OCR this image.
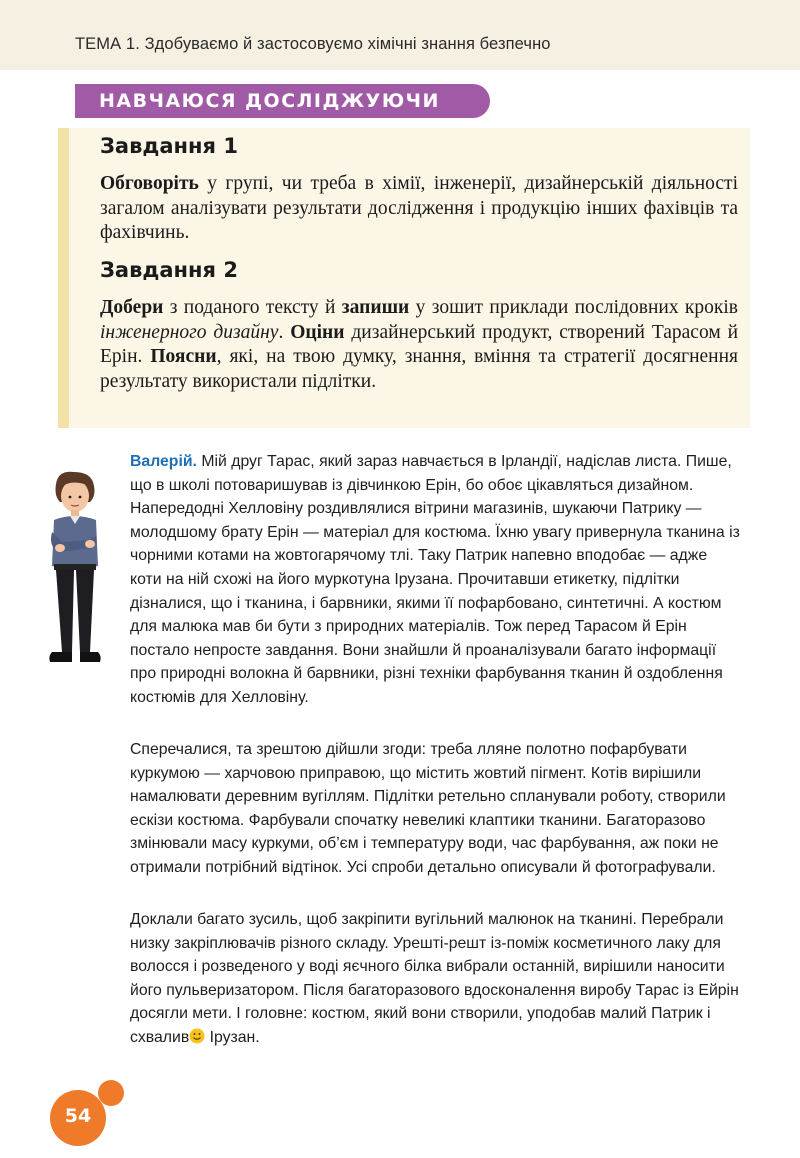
ТЕМА 1. Здобуваємо й застосовуємо хімічні знання безпечно
НАВЧАЮСЯ ДОСЛІДЖУЮЧИ
Завдання 1

Обговоріть у групі, чи треба в хімії, інженерії, дизайнерській діяльності загалом аналізувати результати дослідження і продукцію інших фахівців та фахівчинь.

Завдання 2

Добери з поданого тексту й запиши у зошит приклади послідовних кроків інженерного дизайну. Оціни дизайнерський продукт, створений Тарасом й Ерін. Поясни, які, на твою думку, знання, вміння та стратегії досягнення результату використали підлітки.

Валерій. Мій друг Тарас, який зараз навчається в Ірландії, надіслав листа. Пише, що в школі потоваришував із дівчинкою Ерін, бо обоє цікавляться дизайном. Напередодні Хелловіну роздивлялися вітрини магазинів, шукаючи Патрику — молодшому брату Ерін — матеріал для костюма. Їхню увагу привернула тканина із чорними котами на жовтогарячому тлі. Таку Патрик напевно вподобає — адже коти на ній схожі на його муркотуна Ірузана. Прочитавши етикетку, підлітки дізналися, що і тканина, і барвники, якими її пофарбовано, синтетичні. А костюм для малюка мав би бути з природних матеріалів. Тож перед Тарасом й Ерін постало непросте завдання. Вони знайшли й проаналізували багато інформації про природні волокна й барвники, різні техніки фарбування тканин й оздоблення костюмів для Хелловіну.

Сперечалися, та зрештою дійшли згоди: треба лляне полотно пофарбувати куркумою — харчовою приправою, що містить жовтий пігмент. Котів вирішили намалювати деревним вугіллям. Підлітки ретельно спланували роботу, створили ескізи костюма. Фарбували спочатку невеликі клаптики тканини. Багаторазово змінювали масу куркуми, об’єм і температуру води, час фарбування, аж поки не отримали потрібний відтінок. Усі спроби детально описували й фотографували.

Доклали багато зусиль, щоб закріпити вугільний малюнок на тканині. Перебрали низку закріплювачів різного складу. Урешті-решт із-поміж косметичного лаку для волосся і розведеного у воді яєчного білка вибрали останній, вирішили наносити його пульверизатором. Після багаторазового вдосконалення виробу Тарас із Ейрін досягли мети. І головне: костюм, який вони створили, уподобав малий Патрик і схвалив Ірузан.

54
